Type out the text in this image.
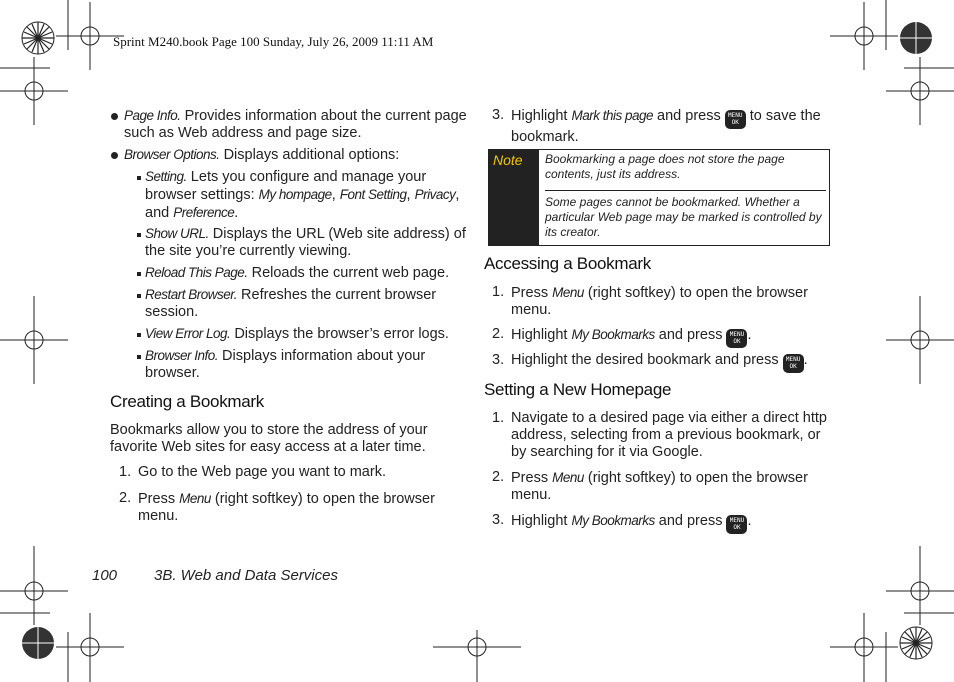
Sprint M240.book Page 100 Sunday, July 26, 2009 11:11 AM
Page Info. Provides information about the current page
such as Web address and page size.
Browser Options. Displays additional options:
Setting. Lets you configure and manage your
browser settings: My hompage, Font Setting, Privacy,
and Preference.
Show URL. Displays the URL (Web site address) of
the site you’re currently viewing.
Reload This Page. Reloads the current web page.
Restart Browser. Refreshes the current browser
session.
View Error Log. Displays the browser’s error logs.
Browser Info. Displays information about your
browser.
Creating a Bookmark
Bookmarks allow you to store the address of your
favorite Web sites for easy access at a later time.
1. Go to the Web page you want to mark.
2. Press Menu (right softkey) to open the browser
menu.
3. Highlight Mark this page and press MENU
OK to save the
bookmark.
Note Bookmarking a page does not store the page
contents, just its address.
Some pages cannot be bookmarked. Whether a
particular Web page may be marked is controlled by
its creator.
Accessing a Bookmark
1. Press Menu (right softkey) to open the browser
menu.
2. Highlight My Bookmarks and press MENU
OK .
3. Highlight the desired bookmark and press MENU
OK .
Setting a New Homepage
1. Navigate to a desired page via either a direct http
address, selecting from a previous bookmark, or
by searching for it via Google.
2. Press Menu (right softkey) to open the browser
menu.
3. Highlight My Bookmarks and press MENU
OK .
100 3B. Web and Data Services
